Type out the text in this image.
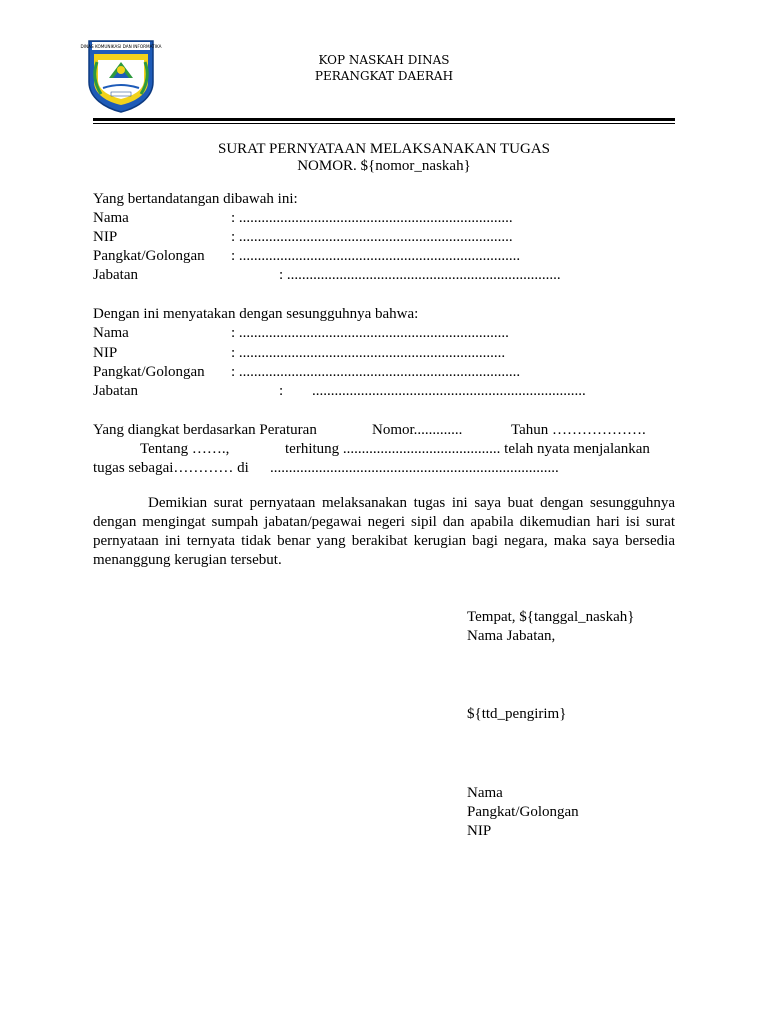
DINAS KOMUNIKASI DAN INFORMATIKA
KOP NASKAH DINAS
PERANGKAT DAERAH
SURAT PERNYATAAN MELAKSANAKAN TUGAS
NOMOR. ${nomor_naskah}
Yang bertandatangan dibawah ini:
Nama	: .........................................................................
NIP	: .........................................................................
Pangkat/Golongan : ...........................................................................
Jabatan	: .........................................................................
Dengan ini menyatakan dengan sesungguhnya bahwa:
Nama	: ........................................................................
NIP	: .......................................................................
Pangkat/Golongan : ...........................................................................
Jabatan	: .........................................................................
Yang diangkat berdasarkan Peraturan	Nomor.............	Tahun ……………….
Tentang …….,	terhitung .......................................... telah nyata menjalankan
tugas sebagai………… di .............................................................................
Demikian surat pernyataan melaksanakan tugas ini saya buat dengan sesungguhnya dengan mengingat sumpah jabatan/pegawai negeri sipil dan apabila dikemudian hari isi surat pernyataan ini ternyata tidak benar yang berakibat kerugian bagi negara, maka saya bersedia menanggung kerugian tersebut.
Tempat, ${tanggal_naskah}
Nama Jabatan,
${ttd_pengirim}
Nama
Pangkat/Golongan
NIP
